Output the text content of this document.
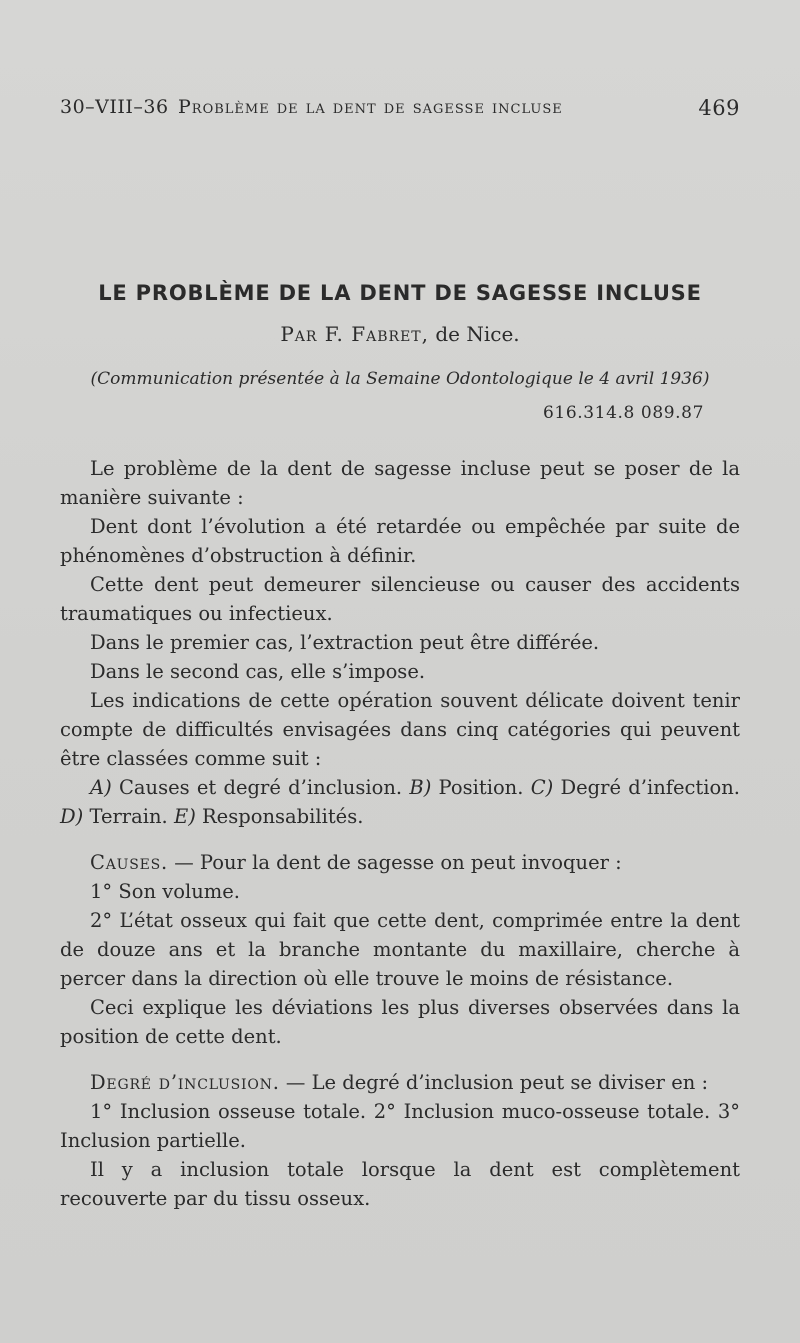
30–VIII–36 Problème de la dent de sagesse incluse	469
LE PROBLÈME DE LA DENT DE SAGESSE INCLUSE
Par F. Fabret, de Nice.
(Communication présentée à la Semaine Odontologique le 4 avril 1936)
616.314.8 089.87

Le problème de la dent de sagesse incluse peut se poser de la manière suivante :

Dent dont l’évolution a été retardée ou empêchée par suite de phénomènes d’obstruction à définir.

Cette dent peut demeurer silencieuse ou causer des accidents traumatiques ou infectieux.

Dans le premier cas, l’extraction peut être différée.

Dans le second cas, elle s’impose.

Les indications de cette opération souvent délicate doivent tenir compte de difficultés envisagées dans cinq catégories qui peuvent être classées comme suit :

A) Causes et degré d’inclusion. B) Position. C) Degré d’infection. D) Terrain. E) Responsabilités.

Causes. — Pour la dent de sagesse on peut invoquer :

1° Son volume.

2° L’état osseux qui fait que cette dent, comprimée entre la dent de douze ans et la branche montante du maxillaire, cherche à percer dans la direction où elle trouve le moins de résistance.

Ceci explique les déviations les plus diverses observées dans la position de cette dent.

Degré d’inclusion. — Le degré d’inclusion peut se diviser en :

1° Inclusion osseuse totale. 2° Inclusion muco-osseuse totale. 3° Inclusion partielle.

Il y a inclusion totale lorsque la dent est complètement recouverte par du tissu osseux.
